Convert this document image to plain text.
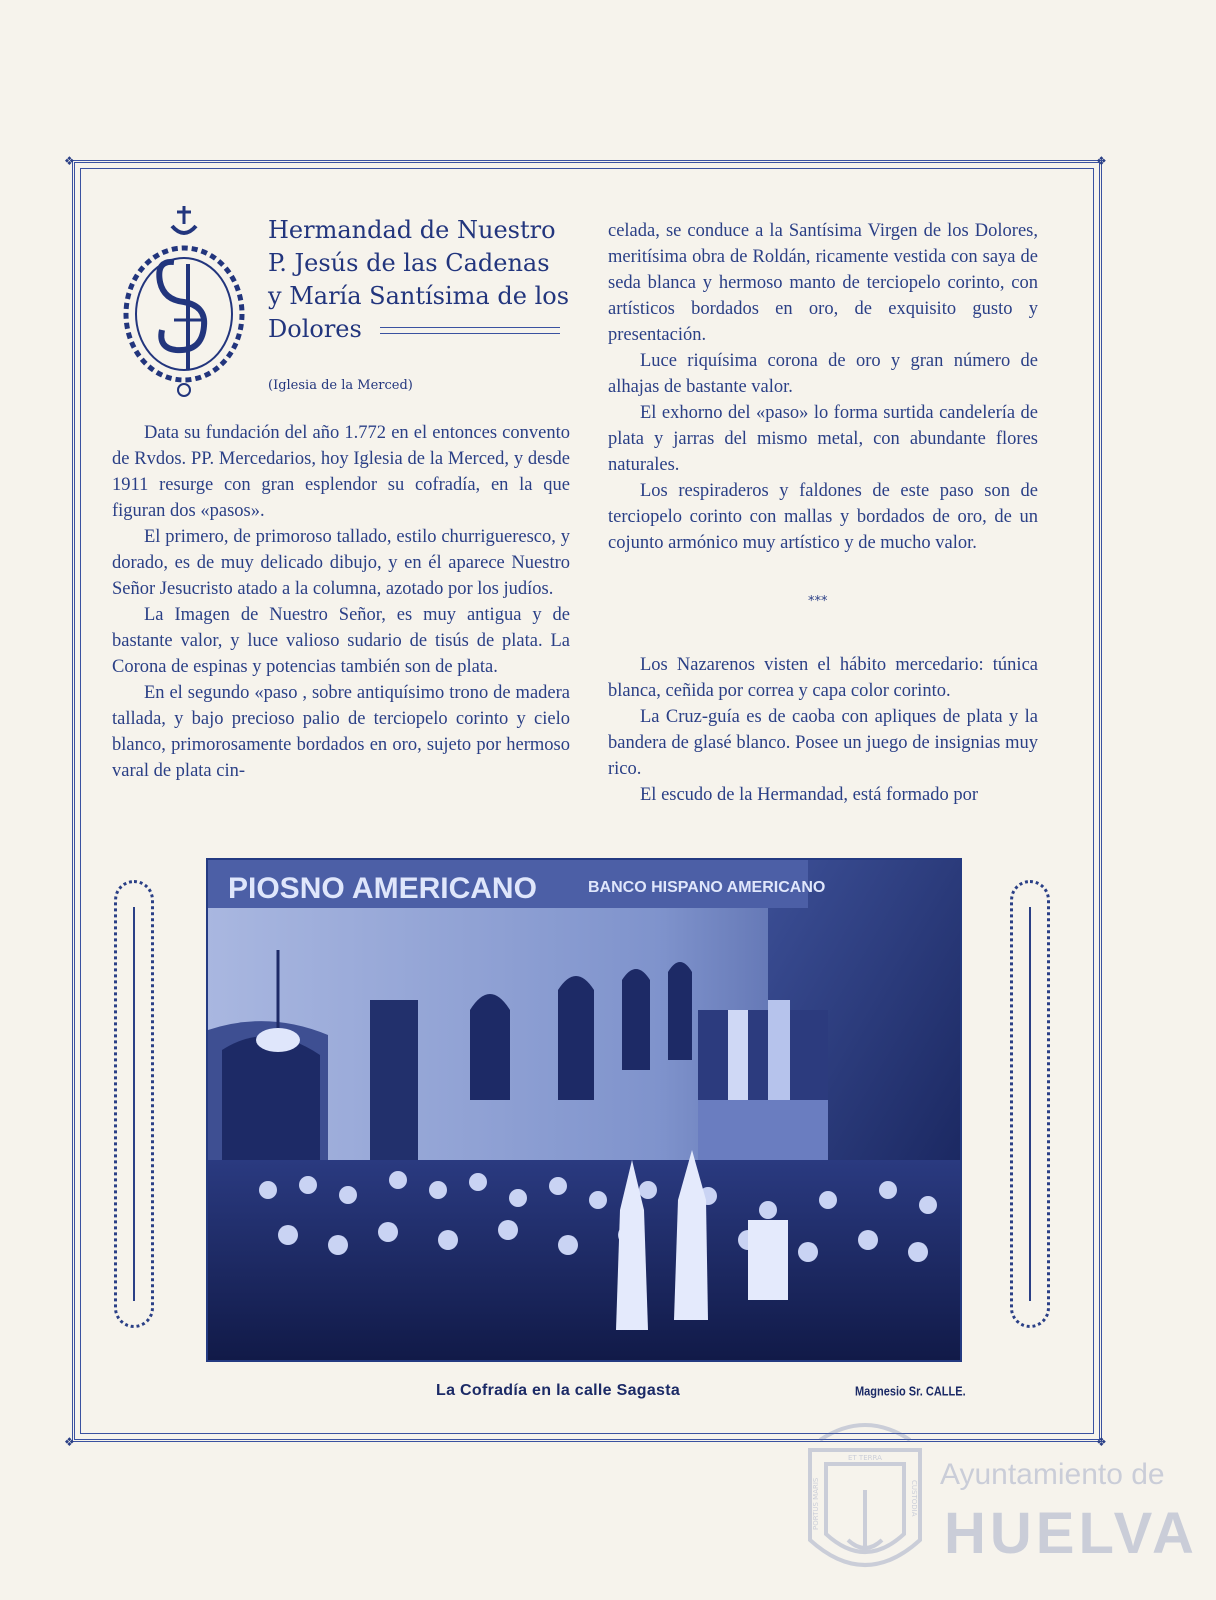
❖	❖
❖	❖
Hermandad de Nuestro
P. Jesús de las Cadenas
y María Santísima de los
Dolores
(Iglesia de la Merced)

Data su fundación del año 1.772 en el entonces convento de Rvdos. PP. Mercedarios, hoy Iglesia de la Merced, y desde 1911 resurge con gran esplendor su cofradía, en la que figuran dos «pasos».

El primero, de primoroso tallado, estilo churrigueresco, y dorado, es de muy delicado dibujo, y en él aparece Nuestro Señor Jesucristo atado a la columna, azotado por los judíos.

La Imagen de Nuestro Señor, es muy antigua y de bastante valor, y luce valioso sudario de tisús de plata. La Corona de espinas y potencias también son de plata.

En el segundo «paso , sobre antiquísimo trono de madera tallada, y bajo precioso palio de terciopelo corinto y cielo blanco, primorosamente bordados en oro, sujeto por hermoso varal de plata cin-

celada, se conduce a la Santísima Virgen de los Dolores, meritísima obra de Roldán, ricamente vestida con saya de seda blanca y hermoso manto de terciopelo corinto, con artísticos bordados en oro, de exquisito gusto y presentación.

Luce riquísima corona de oro y gran número de alhajas de bastante valor.

El exhorno del «paso» lo forma surtida candelería de plata y jarras del mismo metal, con abundante flores naturales.

Los respiraderos y faldones de este paso son de terciopelo corinto con mallas y bordados de oro, de un cojunto armónico muy artístico y de mucho valor.

***

Los Nazarenos visten el hábito mercedario: túnica blanca, ceñida por correa y capa color corinto.

La Cruz-guía es de caoba con apliques de plata y la bandera de glasé blanco. Posee un juego de insignias muy rico.

El escudo de la Hermandad, está formado por

PIOSNO AMERICANO	BANCO HISPANO AMERICANO
La Cofradía en la calle Sagasta	Magnesio Sr. CALLE.
ET TERRA
PORTUS MARIS	CUSTODIA
Ayuntamiento de
HUELVA
